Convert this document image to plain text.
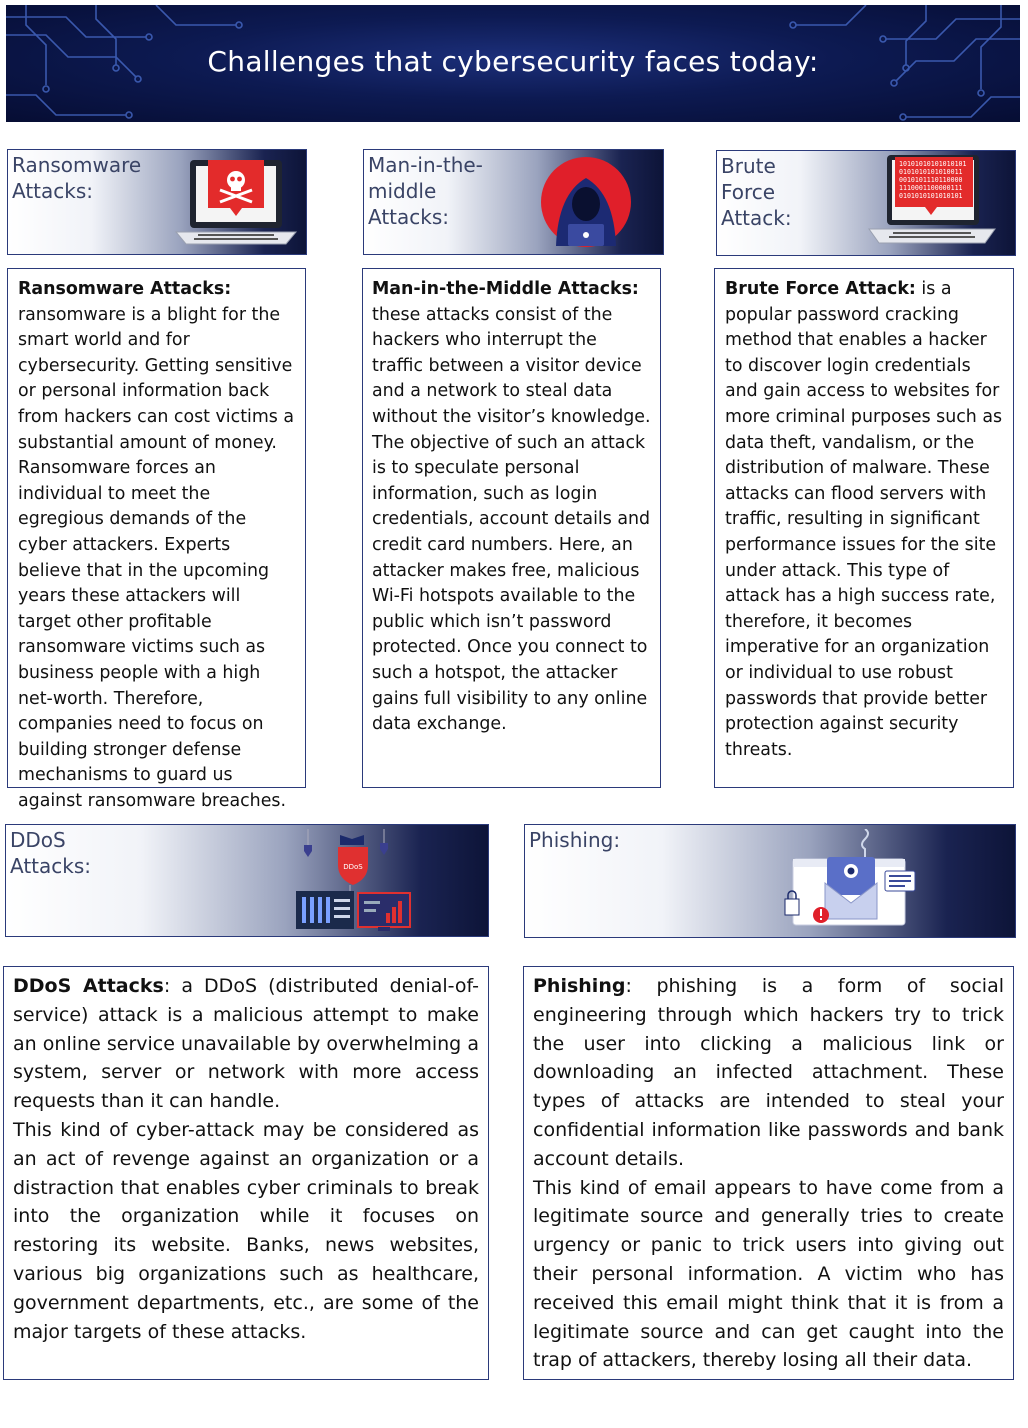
Challenges that cybersecurity faces today:
Ransomware
Attacks:
Man-in-the-
middle
Attacks:
Brute
Force
Attack:
10101010101010101
0101010101010011
0010101110110000
1110001100000111
0101010101010101

Ransomware Attacks:
ransomware is a blight for the smart world and for cybersecurity. Getting sensitive or personal information back from hackers can cost victims a substantial amount of money. Ransomware forces an individual to meet the egregious demands of the cyber attackers. Experts believe that in the upcoming years these attackers will target other profitable ransomware victims such as business people with a high net-worth. Therefore, companies need to focus on building stronger defense mechanisms to guard us against ransomware breaches.

Man-in-the-Middle Attacks:
these attacks consist of the hackers who interrupt the traffic between a visitor device and a network to steal data without the visitor’s knowledge. The objective of such an attack is to speculate personal information, such as login credentials, account details and credit card numbers. Here, an attacker makes free, malicious Wi-Fi hotspots available to the public which isn’t password protected. Once you connect to such a hotspot, the attacker gains full visibility to any online data exchange.

Brute Force Attack: is a popular password cracking method that enables a hacker to discover login credentials and gain access to websites for more criminal purposes such as data theft, vandalism, or the distribution of malware. These attacks can flood servers with traffic, resulting in significant performance issues for the site under attack. This type of attack has a high success rate, therefore, it becomes imperative for an organization or individual to use robust passwords that provide better protection against security threats.

DDoS
Attacks:	DDoS
Phishing:

DDoS Attacks: a DDoS (distributed denial-of-service) attack is a malicious attempt to make an online service unavailable by overwhelming a system, server or network with more access requests than it can handle.

This kind of cyber-attack may be considered as an act of revenge against an organization or a distraction that enables cyber criminals to break into the organization while it focuses on restoring its website. Banks, news websites, various big organizations such as healthcare, government departments, etc., are some of the major targets of these attacks.

Phishing: phishing is a form of social engineering through which hackers try to trick the user into clicking a malicious link or downloading an infected attachment. These types of attacks are intended to steal your confidential information like passwords and bank account details.

This kind of email appears to have come from a legitimate source and generally tries to create urgency or panic to trick users into giving out their personal information. A victim who has received this email might think that it is from a legitimate source and can get caught into the trap of attackers, thereby losing all their data.
